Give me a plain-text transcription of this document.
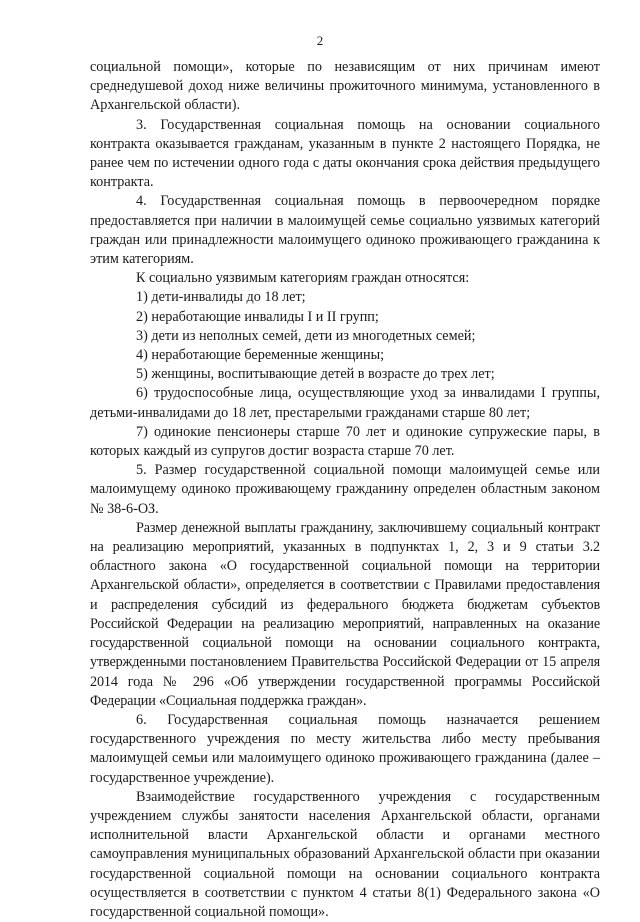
2

социальной помощи», которые по независящим от них причинам имеют среднедушевой доход ниже величины прожиточного минимума, установленного в Архангельской области).

3. Государственная социальная помощь на основании социального контракта оказывается гражданам, указанным в пункте 2 настоящего Порядка, не ранее чем по истечении одного года с даты окончания срока действия предыдущего контракта.

4. Государственная социальная помощь в первоочередном порядке предоставляется при наличии в малоимущей семье социально уязвимых категорий граждан или принадлежности малоимущего одиноко проживающего гражданина к этим категориям.

К социально уязвимым категориям граждан относятся:

1) дети-инвалиды до 18 лет;

2) неработающие инвалиды I и II групп;

3) дети из неполных семей, дети из многодетных семей;

4) неработающие беременные женщины;

5) женщины, воспитывающие детей в возрасте до трех лет;

6) трудоспособные лица, осуществляющие уход за инвалидами I группы, детьми-инвалидами до 18 лет, престарелыми гражданами старше 80 лет;

7) одинокие пенсионеры старше 70 лет и одинокие супружеские пары, в которых каждый из супругов достиг возраста старше 70 лет.

5. Размер государственной социальной помощи малоимущей семье или малоимущему одиноко проживающему гражданину определен областным законом № 38-6-ОЗ.

Размер денежной выплаты гражданину, заключившему социальный контракт на реализацию мероприятий, указанных в подпунктах 1, 2, 3 и 9 статьи 3.2 областного закона «О государственной социальной помощи на территории Архангельской области», определяется в соответствии с Правилами предоставления и распределения субсидий из федерального бюджета бюджетам субъектов Российской Федерации на реализацию мероприятий, направленных на оказание государственной социальной помощи на основании социального контракта, утвержденными постановлением Правительства Российской Федерации от 15 апреля 2014 года № 296 «Об утверждении государственной программы Российской Федерации «Социальная поддержка граждан».

6. Государственная социальная помощь назначается решением государственного учреждения по месту жительства либо месту пребывания малоимущей семьи или малоимущего одиноко проживающего гражданина (далее – государственное учреждение).

Взаимодействие государственного учреждения с государственным учреждением службы занятости населения Архангельской области, органами исполнительной власти Архангельской области и органами местного самоуправления муниципальных образований Архангельской области при оказании государственной социальной помощи на основании социального контракта осуществляется в соответствии с пунктом 4 статьи 8(1) Федерального закона «О государственной социальной помощи».
